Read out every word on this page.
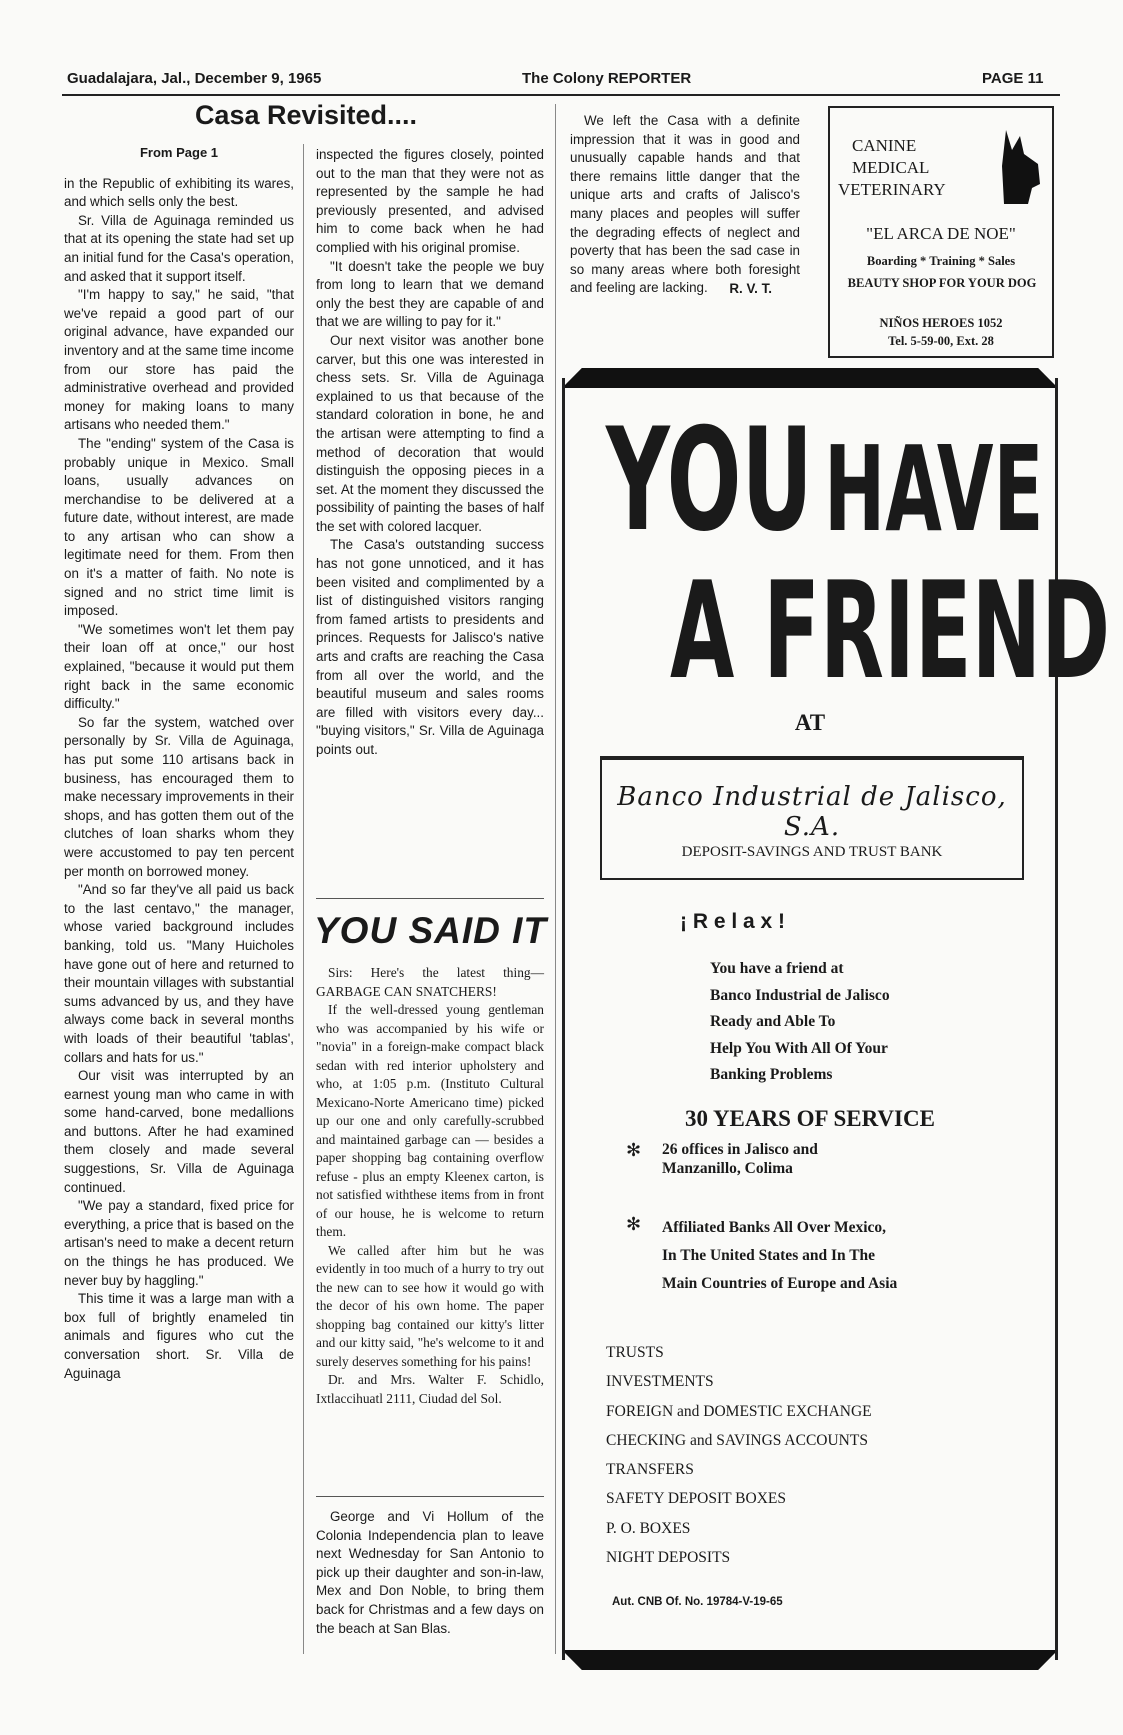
Guadalajara, Jal., December 9, 1965	The Colony REPORTER	PAGE 11
Casa Revisited....

From Page 1

in the Republic of exhibiting its wares, and which sells only the best.

Sr. Villa de Aguinaga reminded us that at its opening the state had set up an initial fund for the Casa's operation, and asked that it support itself.

"I'm happy to say," he said, "that we've repaid a good part of our original advance, have expanded our inventory and at the same time income from our store has paid the administrative overhead and provided money for making loans to many artisans who needed them."

The "ending" system of the Casa is probably unique in Mexico. Small loans, usually advances on merchandise to be delivered at a future date, without interest, are made to any artisan who can show a legitimate need for them. From then on it's a matter of faith. No note is signed and no strict time limit is imposed.

"We sometimes won't let them pay their loan off at once," our host explained, "because it would put them right back in the same economic difficulty."

So far the system, watched over personally by Sr. Villa de Aguinaga, has put some 110 artisans back in business, has encouraged them to make necessary improvements in their shops, and has gotten them out of the clutches of loan sharks whom they were accustomed to pay ten percent per month on borrowed money.

"And so far they've all paid us back to the last centavo," the manager, whose varied background includes banking, told us. "Many Huicholes have gone out of here and returned to their mountain villages with substantial sums advanced by us, and they have always come back in several months with loads of their beautiful 'tablas', collars and hats for us."

Our visit was interrupted by an earnest young man who came in with some hand-carved, bone medallions and buttons. After he had examined them closely and made several suggestions, Sr. Villa de Aguinaga continued.

"We pay a standard, fixed price for everything, a price that is based on the artisan's need to make a decent return on the things he has produced. We never buy by haggling."

This time it was a large man with a box full of brightly enameled tin animals and figures who cut the conversation short. Sr. Villa de Aguinaga

inspected the figures closely, pointed out to the man that they were not as represented by the sample he had previously presented, and advised him to come back when he had complied with his original promise.

"It doesn't take the people we buy from long to learn that we demand only the best they are capable of and that we are willing to pay for it."

Our next visitor was another bone carver, but this one was interested in chess sets. Sr. Villa de Aguinaga explained to us that because of the standard coloration in bone, he and the artisan were attempting to find a method of decoration that would distinguish the opposing pieces in a set. At the moment they discussed the possibility of painting the bases of half the set with colored lacquer.

The Casa's outstanding success has not gone unnoticed, and it has been visited and complimented by a list of distinguished visitors ranging from famed artists to presidents and princes. Requests for Jalisco's native arts and crafts are reaching the Casa from all over the world, and the beautiful museum and sales rooms are filled with visitors every day... "buying visitors," Sr. Villa de Aguinaga points out.

YOU SAID IT

Sirs: Here's the latest thing— GARBAGE CAN SNATCHERS!

If the well-dressed young gentleman who was accompanied by his wife or "novia" in a foreign-make compact black sedan with red interior upholstery and who, at 1:05 p.m. (Instituto Cultural Mexicano-Norte Americano time) picked up our one and only carefully-scrubbed and maintained garbage can — besides a paper shopping bag containing overflow refuse - plus an empty Kleenex carton, is not satisfied withthese items from in front of our house, he is welcome to return them.

We called after him but he was evidently in too much of a hurry to try out the new can to see how it would go with the decor of his own home. The paper shopping bag contained our kitty's litter and our kitty said, "he's welcome to it and surely deserves something for his pains!

Dr. and Mrs. Walter F. Schidlo, Ixtlaccihuatl 2111, Ciudad del Sol.

George and Vi Hollum of the Colonia Independencia plan to leave next Wednesday for San Antonio to pick up their daughter and son-in-law, Mex and Don Noble, to bring them back for Christmas and a few days on the beach at San Blas.

We left the Casa with a definite impression that it was in good and unusually capable hands and that there remains little danger that the unique arts and crafts of Jalisco's many places and peoples will suffer the degrading effects of neglect and poverty that has been the sad case in so many areas where both foresight and feeling are lacking.	R. V. T.
CANINE
MEDICAL
VETERINARY
"EL ARCA DE NOE"
Boarding * Training * Sales
BEAUTY SHOP FOR YOUR DOG
NIÑOS HEROES 1052
Tel. 5-59-00, Ext. 28
YOU HAVE
A FRIEND
AT
Banco Industrial de Jalisco, S.A.
DEPOSIT-SAVINGS AND TRUST BANK
¡ R e l a x !
You have a friend at
Banco Industrial de Jalisco
Ready and Able To
Help You With All Of Your
Banking Problems
30 YEARS OF SERVICE
✻ 26 offices in Jalisco and
Manzanillo, Colima
✻ Affiliated Banks All Over Mexico,
In The United States and In The
Main Countries of Europe and Asia
TRUSTS
INVESTMENTS
FOREIGN and DOMESTIC EXCHANGE
CHECKING and SAVINGS ACCOUNTS
TRANSFERS
SAFETY DEPOSIT BOXES
P. O. BOXES
NIGHT DEPOSITS
Aut. CNB Of. No. 19784-V-19-65
